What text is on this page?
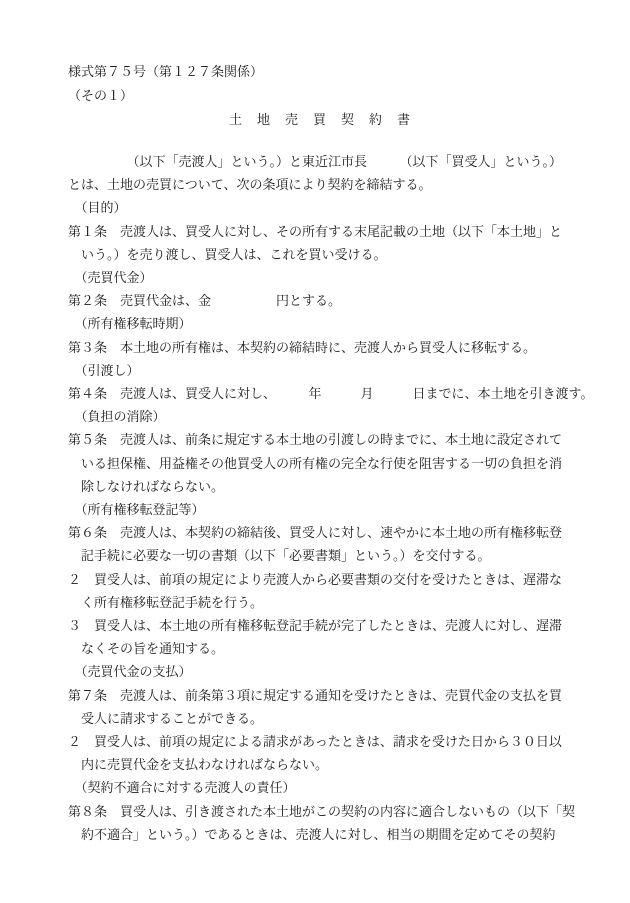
様式第７５号（第１２７条関係）
（その１）
土　地　売　買　契　約　書
　　　　　（以下「売渡人」という。）と東近江市長　　　（以下「買受人」という。）
とは、土地の売買について、次の条項により契約を締結する。
　（目的）
第１条　売渡人は、買受人に対し、その所有する末尾記載の土地（以下「本土地」と
　いう。）を売り渡し、買受人は、これを買い受ける。
　（売買代金）
第２条　売買代金は、金　　　　　円とする。
　（所有権移転時期）
第３条　本土地の所有権は、本契約の締結時に、売渡人から買受人に移転する。
　（引渡し）
第４条　売渡人は、買受人に対し、　　　年　　　月　　　日までに、本土地を引き渡す。
　（負担の消除）
第５条　売渡人は、前条に規定する本土地の引渡しの時までに、本土地に設定されて
　いる担保権、用益権その他買受人の所有権の完全な行使を阻害する一切の負担を消
　除しなければならない。
　（所有権移転登記等）
第６条　売渡人は、本契約の締結後、買受人に対し、速やかに本土地の所有権移転登
　記手続に必要な一切の書類（以下「必要書類」という。）を交付する。
２　買受人は、前項の規定により売渡人から必要書類の交付を受けたときは、遅滞な
　く所有権移転登記手続を行う。
３　買受人は、本土地の所有権移転登記手続が完了したときは、売渡人に対し、遅滞
　なくその旨を通知する。
　（売買代金の支払）
第７条　売渡人は、前条第３項に規定する通知を受けたときは、売買代金の支払を買
　受人に請求することができる。
２　買受人は、前項の規定による請求があったときは、請求を受けた日から３０日以
　内に売買代金を支払わなければならない。
　（契約不適合に対する売渡人の責任）
第８条　買受人は、引き渡された本土地がこの契約の内容に適合しないもの（以下「契
　約不適合」という。）であるときは、売渡人に対し、相当の期間を定めてその契約
